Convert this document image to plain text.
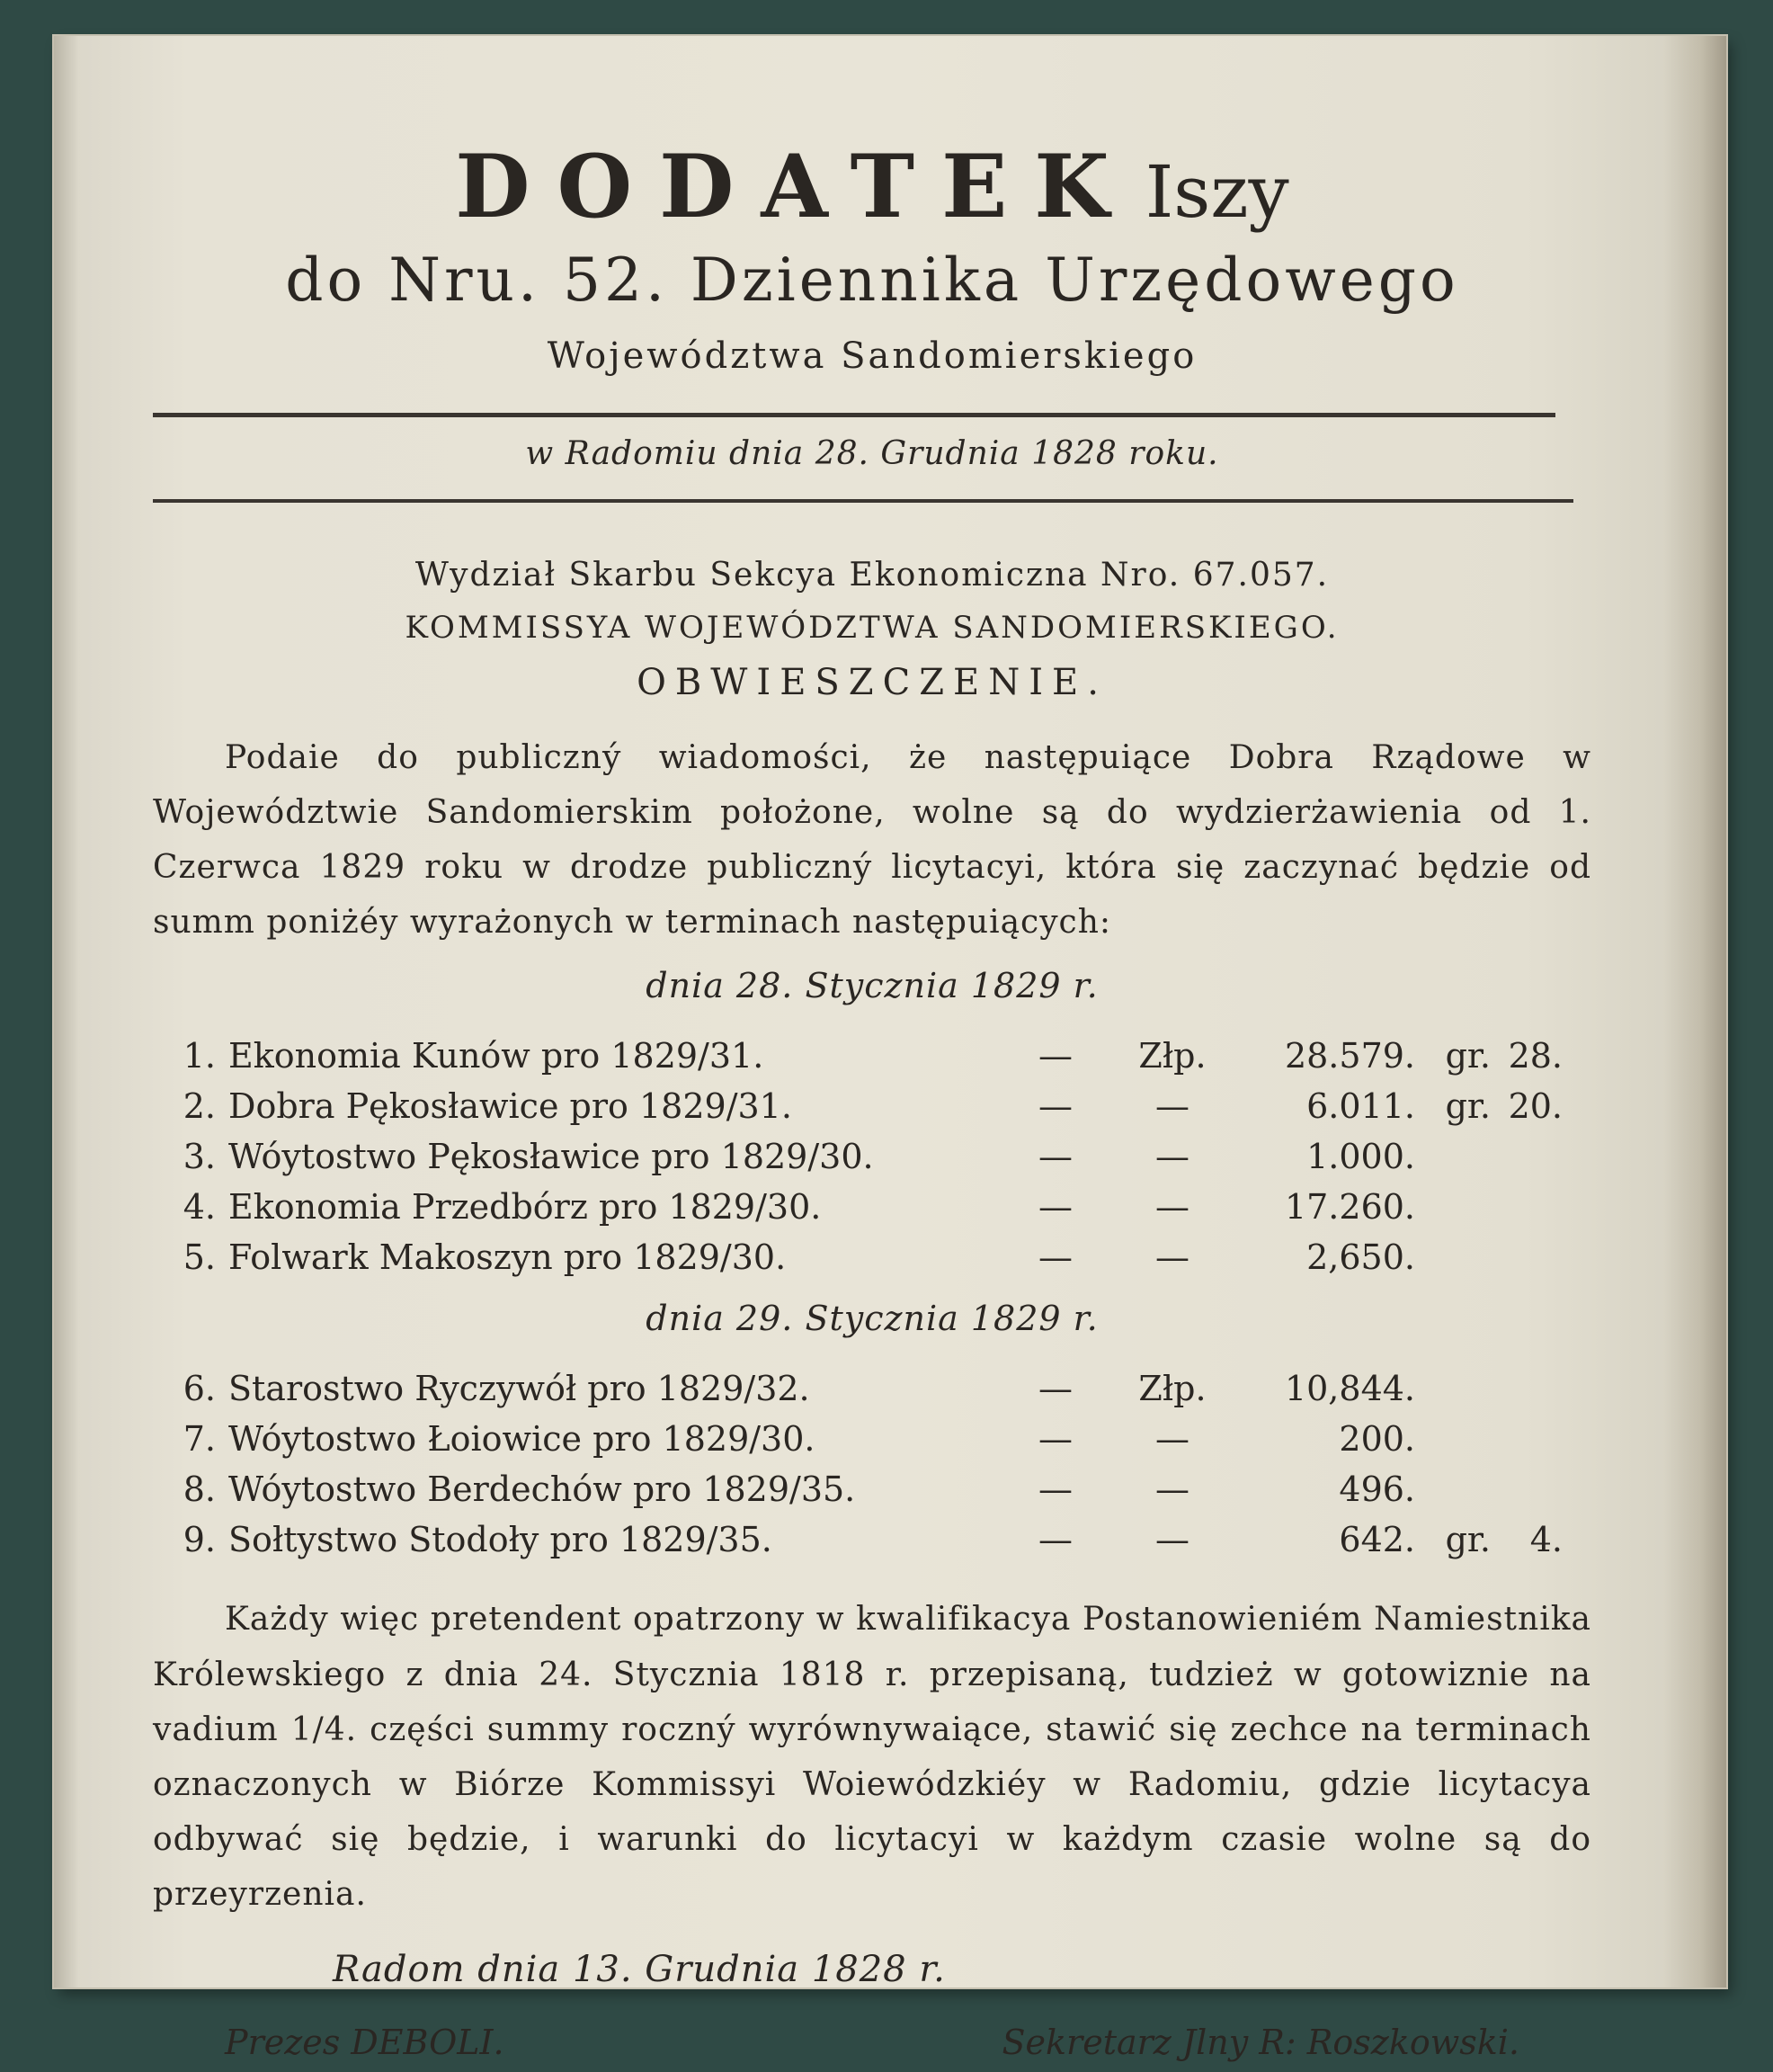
DODATEK Iszy
do Nru. 52. Dziennika Urzędowego
Województwa Sandomierskiego
w Radomiu dnia 28. Grudnia 1828 roku.
Wydział Skarbu Sekcya Ekonomiczna Nro. 67.057.
KOMMISSYA WOJEWÓDZTWA SANDOMIERSKIEGO.
OBWIESZCZENIE.
Podaie do publiczný wiadomości, że następuiące Dobra Rządowe w Województwie Sandomierskim położone, wolne są do wydzierżawienia od 1. Czerwca 1829 roku w drodze publiczný licytacyi, która się zaczynać będzie od summ poniżéy wyrażonych w terminach następuiących:
dnia 28. Stycznia 1829 r.
1.	Ekonomia Kunów pro 1829/31.	—	Złp.	28.579.	gr.	28.
2.	Dobra Pękosławice pro 1829/31.	—	—	6.011.	gr.	20.
3.	Wóytostwo Pękosławice pro 1829/30.	—	—	1.000.		
4.	Ekonomia Przedbórz pro 1829/30.	—	—	17.260.		
5.	Folwark Makoszyn pro 1829/30.	—	—	2,650.		
dnia 29. Stycznia 1829 r.
6.	Starostwo Ryczywół pro 1829/32.	—	Złp.	10,844.		
7.	Wóytostwo Łoiowice pro 1829/30.	—	—	200.		
8.	Wóytostwo Berdechów pro 1829/35.	—	—	496.		
9.	Sołtystwo Stodoły pro 1829/35.	—	—	642.	gr.	4.
Każdy więc pretendent opatrzony w kwalifikacya Postanowieniém Namiestnika Królewskiego z dnia 24. Stycznia 1818 r. przepisaną, tudzież w gotowiznie na vadium 1/4. części summy roczný wyrównywaiące, stawić się zechce na terminach oznaczonych w Biórze Kommissyi Woiewódzkiéy w Radomiu, gdzie licytacya odbywać się będzie, i warunki do licytacyi w każdym czasie wolne są do przeyrzenia.
Radom dnia 13. Grudnia 1828 r.
Prezes DEBOLI.	Sekretarz Jlny R: Roszkowski.
